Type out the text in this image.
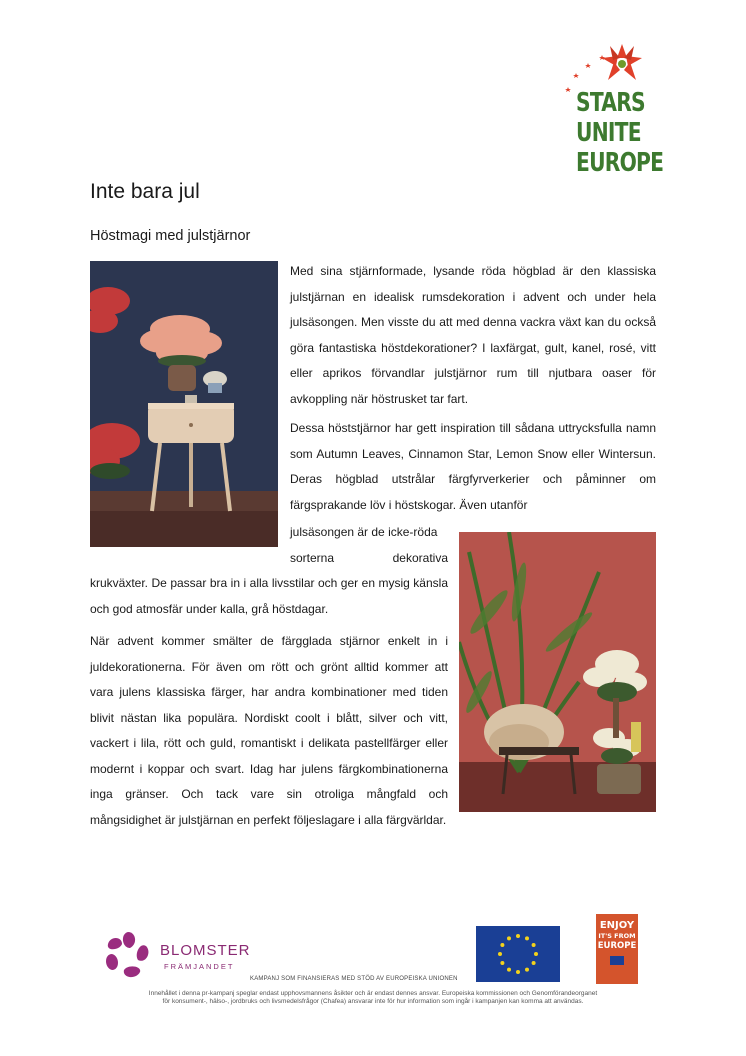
STARS
UNITE
EUROPE
Inte bara jul
Höstmagi med julstjärnor

Med sina stjärnformade, lysande röda högblad är den klassiska julstjärnan en idealisk rumsdekoration i advent och under hela julsäsongen. Men visste du att med denna vackra växt kan du också göra fantastiska höstdekorationer? I laxfärgat, gult, kanel, rosé, vitt eller aprikos förvandlar julstjärnor rum till njutbara oaser för avkoppling när höstrusket tar fart.

Dessa höststjärnor har gett inspiration till sådana uttrycksfulla namn som Autumn Leaves, Cinnamon Star, Lemon Snow eller Wintersun. Deras högblad utstrålar färgfyrverkerier och påminner om färgsprakande löv i höstskogar. Även utanför

julsäsongen är de icke-röda

sorterna dekorativa

krukväxter. De passar bra in i alla livsstilar och ger en mysig känsla och god atmosfär under kalla, grå höstdagar.

När advent kommer smälter de färgglada stjärnor enkelt in i juldekorationerna. För även om rött och grönt alltid kommer att vara julens klassiska färger, har andra kombinationer med tiden blivit nästan lika populära. Nordiskt coolt i blått, silver och vitt, vackert i lila, rött och guld, romantiskt i delikata pastellfärger eller modernt i koppar och svart. Idag har julens färgkombinationerna inga gränser. Och tack vare sin otroliga mångfald och mångsidighet är julstjärnan en perfekt följeslagare i alla färgvärldar.

BLOMSTER
FRÄMJANDET
KAMPANJ SOM FINANSIERAS MED STÖD AV EUROPEISKA UNIONEN
ENJOY
IT'S FROM
EUROPE
Innehållet i denna pr-kampanj speglar endast upphovsmannens åsikter och är endast dennes ansvar. Europeiska kommissionen och Genomförandeorganet
för konsument-, hälso-, jordbruks och livsmedelsfrågor (Chafea) ansvarar inte för hur information som ingår i kampanjen kan komma att användas.
